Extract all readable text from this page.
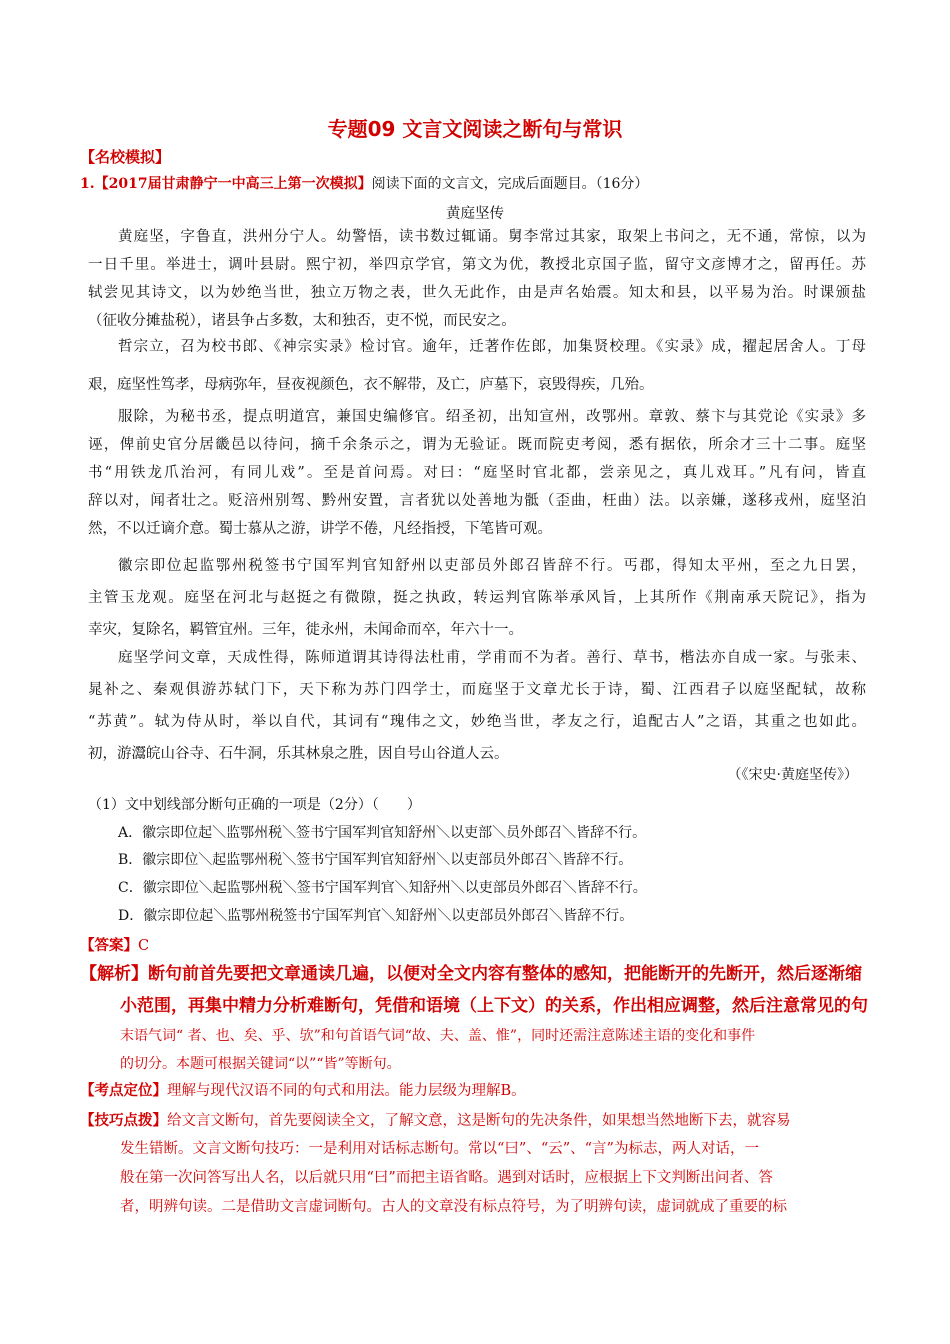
专题09 文言文阅读之断句与常识
【名校模拟】
1.【2017届甘肃静宁一中高三上第一次模拟】阅读下面的文言文，完成后面题目。（16分）
黄庭坚传
黄庭坚，字鲁直，洪州分宁人。幼警悟，读书数过辄诵。舅李常过其家，取架上书问之，无不通，常惊，以为
一日千里。举进士，调叶县尉。熙宁初，举四京学官，第文为优，教授北京国子监，留守文彦博才之，留再任。苏
轼尝见其诗文，以为妙绝当世，独立万物之表，世久无此作，由是声名始震。知太和县，以平易为治。时课颁盐
（征收分摊盐税），诸县争占多数，太和独否，吏不悦，而民安之。
哲宗立，召为校书郎、《神宗实录》检讨官。逾年，迁著作佐郎，加集贤校理。《实录》成，擢起居舍人。丁母
艰，庭坚性笃孝，母病弥年，昼夜视颜色，衣不解带，及亡，庐墓下，哀毁得疾，几殆。
服除，为秘书丞，提点明道宫，兼国史编修官。绍圣初，出知宣州，改鄂州。章敦、蔡卞与其党论《实录》多
诬，俾前史官分居畿邑以待问，摘千余条示之，谓为无验证。既而院吏考阅，悉有据依，所余才三十二事。庭坚
书“用铁龙爪治河，有同儿戏”。至是首问焉。对曰：“庭坚时官北都，尝亲见之，真儿戏耳。”凡有问，皆直
辞以对，闻者壮之。贬涪州别驾、黔州安置，言者犹以处善地为骶（歪曲，枉曲）法。以亲嫌，遂移戎州，庭坚泊
然，不以迁谪介意。蜀士慕从之游，讲学不倦，凡经指授，下笔皆可观。
徽宗即位起监鄂州税签书宁国军判官知舒州以吏部员外郎召皆辞不行。丐郡，得知太平州，至之九日罢，
主管玉龙观。庭坚在河北与赵挺之有微隙，挺之执政，转运判官陈举承风旨，上其所作《荆南承天院记》，指为
幸灾，复除名，羁管宜州。三年，徙永州，未闻命而卒，年六十一。
庭坚学问文章，天成性得，陈师道谓其诗得法杜甫，学甫而不为者。善行、草书，楷法亦自成一家。与张耒、
晁补之、秦观俱游苏轼门下，天下称为苏门四学士，而庭坚于文章尤长于诗，蜀、江西君子以庭坚配轼，故称
“苏黄”。轼为侍从时，举以自代，其词有“瑰伟之文，妙绝当世，孝友之行，追配古人”之语，其重之也如此。
初，游灊皖山谷寺、石牛洞，乐其林泉之胜，因自号山谷道人云。
（《宋史·黄庭坚传》）
（1）文中划线部分断句正确的一项是（2分）（　　）
A．徽宗即位起＼监鄂州税＼签书宁国军判官知舒州＼以吏部＼员外郎召＼皆辞不行。
B．徽宗即位＼起监鄂州税＼签书宁国军判官知舒州＼以吏部员外郎召＼皆辞不行。
C．徽宗即位＼起监鄂州税＼签书宁国军判官＼知舒州＼以吏部员外郎召＼皆辞不行。
D．徽宗即位起＼监鄂州税签书宁国军判官＼知舒州＼以吏部员外郎召＼皆辞不行。
【答案】C
【解析】断句前首先要把文章通读几遍，以便对全文内容有整体的感知，把能断开的先断开，然后逐渐缩
小范围，再集中精力分析难断句，凭借和语境（上下文）的关系，作出相应调整，然后注意常见的句
末语气词“ 者、也、矣、乎、欤”和句首语气词“故、夫、盖、惟”，同时还需注意陈述主语的变化和事件
的切分。本题可根据关键词“以”“皆”等断句。
【考点定位】理解与现代汉语不同的句式和用法。能力层级为理解B。
【技巧点拨】给文言文断句，首先要阅读全文，了解文意，这是断句的先决条件，如果想当然地断下去，就容易
发生错断。文言文断句技巧：一是利用对话标志断句。常以“曰”、“云”、“言”为标志，两人对话，一
般在第一次问答写出人名，以后就只用“曰”而把主语省略。遇到对话时，应根据上下文判断出问者、答
者，明辨句读。二是借助文言虚词断句。古人的文章没有标点符号，为了明辨句读，虚词就成了重要的标
